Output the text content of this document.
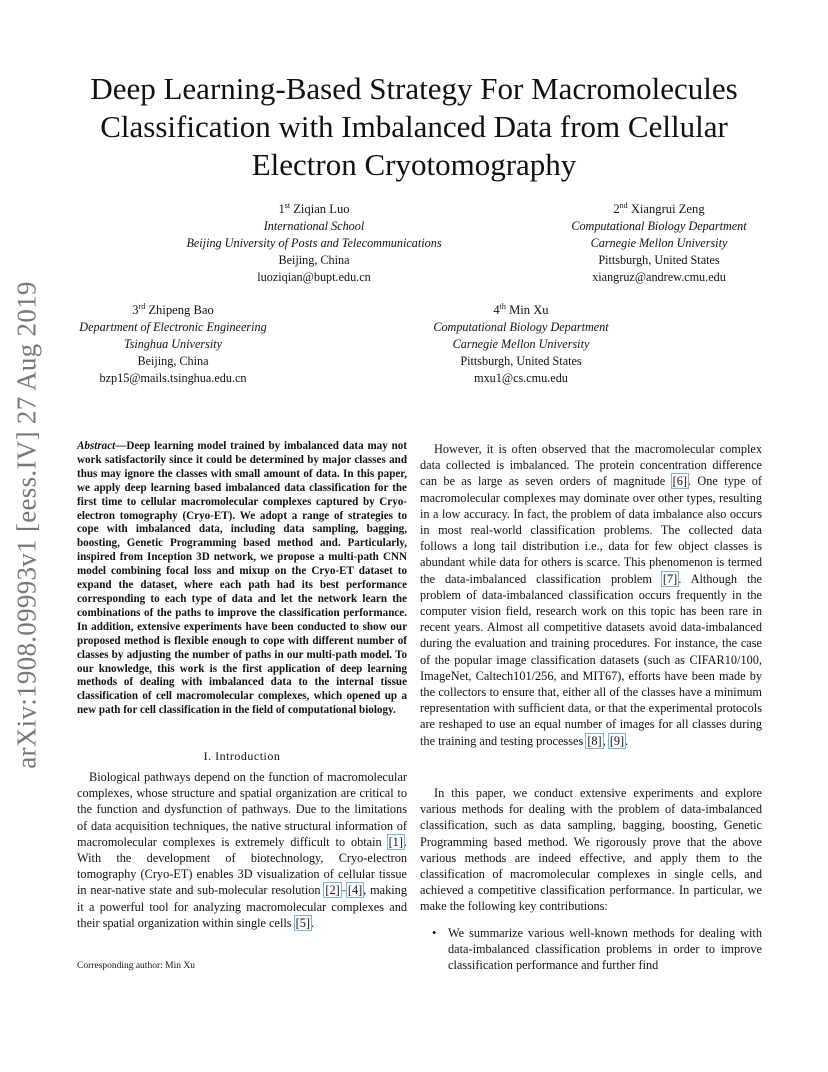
arXiv:1908.09993v1 [eess.IV] 27 Aug 2019
Deep Learning-Based Strategy For Macromolecules
Classification with Imbalanced Data from Cellular
Electron Cryotomography
1st Ziqian Luo
International School
Beijing University of Posts and Telecommunications
Beijing, China
luoziqian@bupt.edu.cn
2nd Xiangrui Zeng
Computational Biology Department
Carnegie Mellon University
Pittsburgh, United States
xiangruz@andrew.cmu.edu
3rd Zhipeng Bao
Department of Electronic Engineering
Tsinghua University
Beijing, China
bzp15@mails.tsinghua.edu.cn
4th Min Xu
Computational Biology Department
Carnegie Mellon University
Pittsburgh, United States
mxu1@cs.cmu.edu
Abstract—Deep learning model trained by imbalanced data may not work satisfactorily since it could be determined by major classes and thus may ignore the classes with small amount of data. In this paper, we apply deep learning based imbalanced data classification for the first time to cellular macromolecular complexes captured by Cryo-electron tomography (Cryo-ET). We adopt a range of strategies to cope with imbalanced data, including data sampling, bagging, boosting, Genetic Programming based method and. Particularly, inspired from Inception 3D network, we propose a multi-path CNN model combining focal loss and mixup on the Cryo-ET dataset to expand the dataset, where each path had its best performance corresponding to each type of data and let the network learn the combinations of the paths to improve the classification performance. In addition, extensive experiments have been conducted to show our proposed method is flexible enough to cope with different number of classes by adjusting the number of paths in our multi-path model. To our knowledge, this work is the first application of deep learning methods of dealing with imbalanced data to the internal tissue classification of cell macromolecular complexes, which opened up a new path for cell classification in the field of computational biology.
I. Introduction
Biological pathways depend on the function of macromolecular complexes, whose structure and spatial organization are critical to the function and dysfunction of pathways. Due to the limitations of data acquisition techniques, the native structural information of macromolecular complexes is extremely difficult to obtain [1]. With the development of biotechnology, Cryo-electron tomography (Cryo-ET) enables 3D visualization of cellular tissue in near-native state and sub-molecular resolution [2]–[4], making it a powerful tool for analyzing macromolecular complexes and their spatial organization within single cells [5].
Corresponding author: Min Xu
However, it is often observed that the macromolecular complex data collected is imbalanced. The protein concentration difference can be as large as seven orders of magnitude [6]. One type of macromolecular complexes may dominate over other types, resulting in a low accuracy. In fact, the problem of data imbalance also occurs in most real-world classification problems. The collected data follows a long tail distribution i.e., data for few object classes is abundant while data for others is scarce. This phenomenon is termed the data-imbalanced classification problem [7]. Although the problem of data-imbalanced classification occurs frequently in the computer vision field, research work on this topic has been rare in recent years. Almost all competitive datasets avoid data-imbalanced during the evaluation and training procedures. For instance, the case of the popular image classification datasets (such as CIFAR10/100, ImageNet, Caltech101/256, and MIT67), efforts have been made by the collectors to ensure that, either all of the classes have a minimum representation with sufficient data, or that the experimental protocols are reshaped to use an equal number of images for all classes during the training and testing processes [8], [9].
In this paper, we conduct extensive experiments and explore various methods for dealing with the problem of data-imbalanced classification, such as data sampling, bagging, boosting, Genetic Programming based method. We rigorously prove that the above various methods are indeed effective, and apply them to the classification of macromolecular complexes in single cells, and achieved a competitive classification performance. In particular, we make the following key contributions:
• We summarize various well-known methods for dealing with data-imbalanced classification problems in order to improve classification performance and further find
